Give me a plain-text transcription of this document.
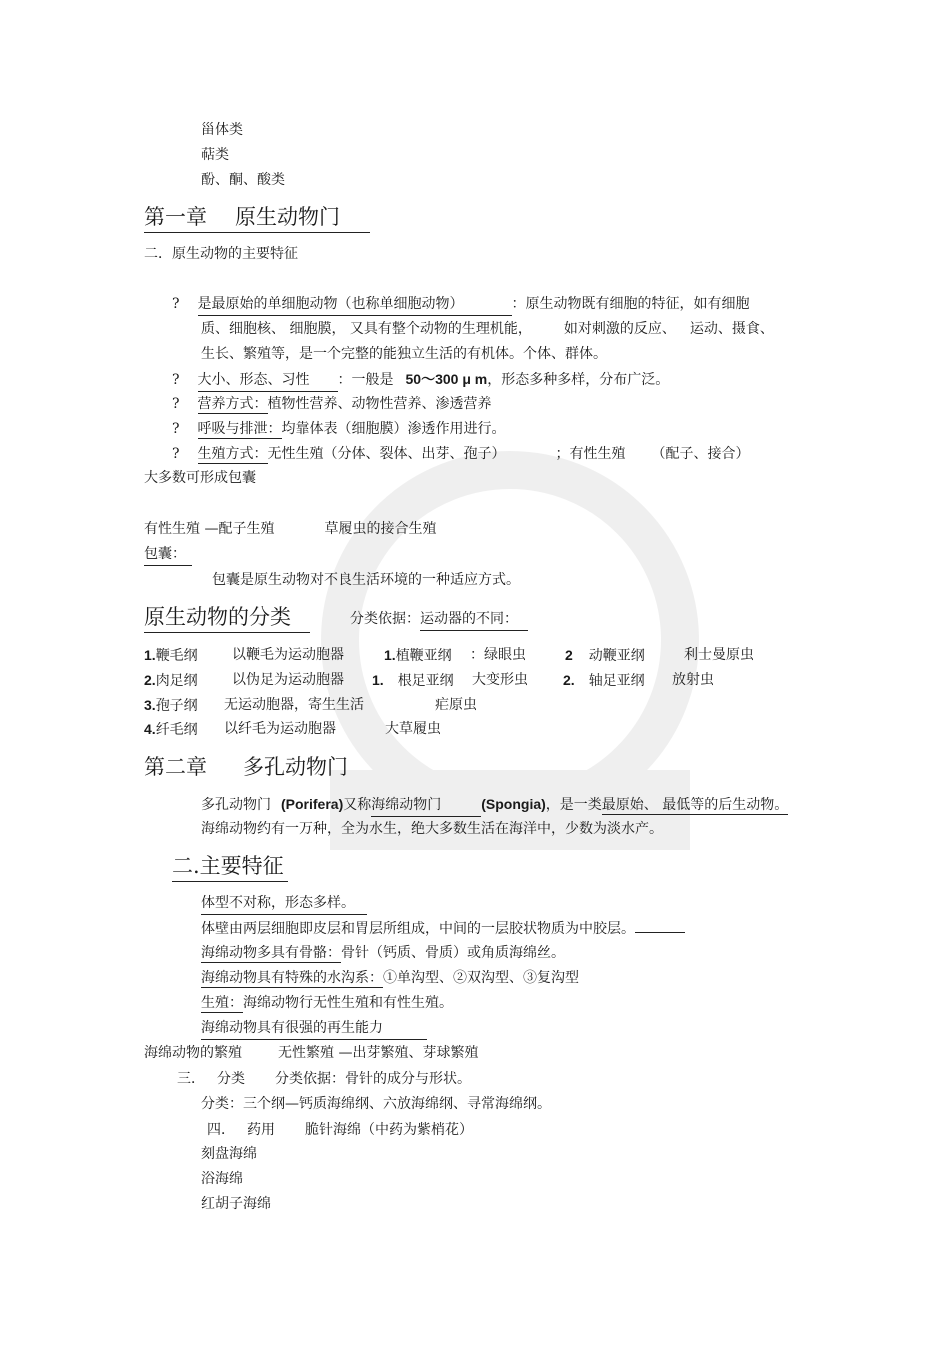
甾体类
萜类
酚、酮、酸类
第一章 原生动物门
二．原生动物的主要特征
? 是最原始的单细胞动物（也称单细胞动物）	：原生动物既有细胞的特征，如有细胞
质、细胞核、 细胞膜， 又具有整个动物的生理机能， 如对刺激的反应、 运动、摄食、
生长、繁殖等，是一个完整的能独立生活的有机体。个体、群体。
? 大小、形态、习性 ：一般是 50～300 μ m，形态多种多样，分布广泛。
? 营养方式：植物性营养、动物性营养、渗透营养
? 呼吸与排泄：均靠体表（细胞膜）渗透作用进行。
? 生殖方式：无性生殖（分体、裂体、出芽、孢子）	；有性生殖 （配子、接合）
大多数可形成包囊
有性生殖 —配子生殖	草履虫的接合生殖
包囊：
包囊是原生动物对不良生活环境的一种适应方式。
原生动物的分类	分类依据：运动器的不同：
1.鞭毛纲 以鞭毛为运动胞器	1.植鞭亚纲 ：绿眼虫	2 动鞭亚纲	利士曼原虫
2.肉足纲 以伪足为运动胞器 1. 根足亚纲 大变形虫	2. 轴足亚纲 放射虫
3.孢子纲 无运动胞器，寄生生活	疟原虫
4.纤毛纲 以纤毛为运动胞器	大草履虫
第二章 多孔动物门
多孔动物门 (Porifera)又称海绵动物门	(Spongia)，是一类最原始、 最低等的后生动物。
海绵动物约有一万种，全为水生，绝大多数生活在海洋中，少数为淡水产。
二.主要特征
体型不对称，形态多样。
体壁由两层细胞即皮层和胃层所组成，中间的一层胶状物质为中胶层。
海绵动物多具有骨骼：骨针（钙质、骨质）或角质海绵丝。
海绵动物具有特殊的水沟系：①单沟型、②双沟型、③复沟型
生殖：海绵动物行无性生殖和有性生殖。
海绵动物具有很强的再生能力
海绵动物的繁殖	无性繁殖 —出芽繁殖、芽球繁殖
三． 分类 分类依据：骨针的成分与形状。
分类：三个纲—钙质海绵纲、六放海绵纲、寻常海绵纲。
四． 药用 脆针海绵（中药为紫梢花）
刻盘海绵
浴海绵
红胡子海绵
